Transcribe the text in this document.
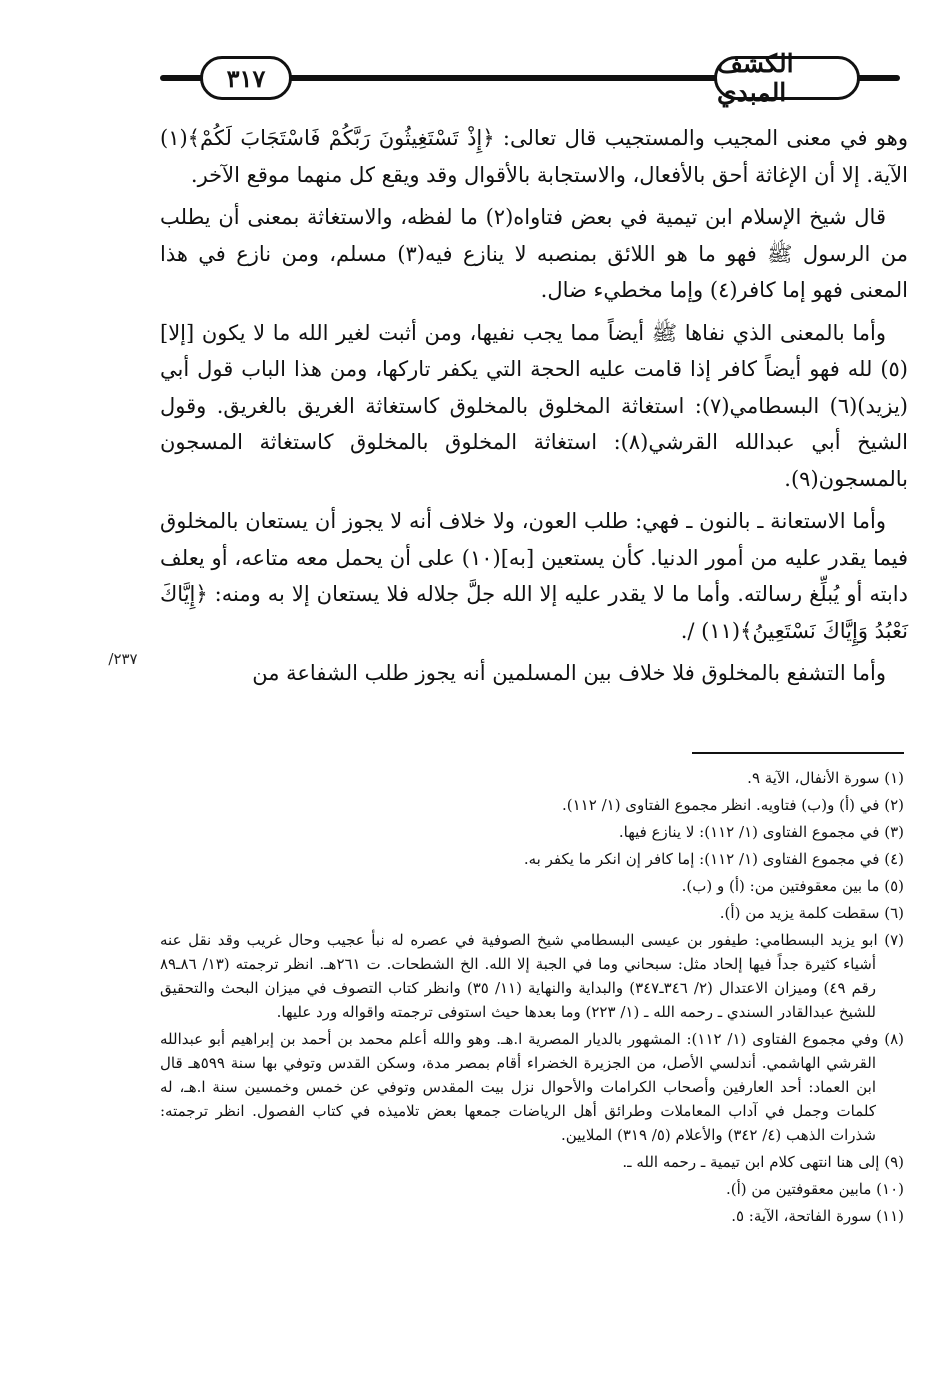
الكشف المبدي
٣١٧

وهو في معنى المجيب والمستجيب قال تعالى: ﴿إِذْ تَسْتَغِيثُونَ رَبَّكُمْ فَاسْتَجَابَ لَكُمْ﴾(١) الآية. إلا أن الإغاثة أحق بالأفعال، والاستجابة بالأقوال وقد ويقع كل منهما موقع الآخر.

قال شيخ الإسلام ابن تيمية في بعض فتاواه(٢) ما لفظه، والاستغاثة بمعنى أن يطلب من الرسول ﷺ فهو ما هو اللائق بمنصبه لا ينازع فيه(٣) مسلم، ومن نازع في هذا المعنى فهو إما كافر(٤) وإما مخطيء ضال.

وأما بالمعنى الذي نفاها ﷺ أيضاً مما يجب نفيها، ومن أثبت لغير الله ما لا يكون [إلا](٥) لله فهو أيضاً كافر إذا قامت عليه الحجة التي يكفر تاركها، ومن هذا الباب قول أبي (يزيد)(٦) البسطامي(٧): استغاثة المخلوق بالمخلوق كاستغاثة الغريق بالغريق. وقول الشيخ أبي عبدالله القرشي(٨): استغاثة المخلوق بالمخلوق كاستغاثة المسجون بالمسجون(٩).

وأما الاستعانة ـ بالنون ـ فهي: طلب العون، ولا خلاف أنه لا يجوز أن يستعان بالمخلوق فيما يقدر عليه من أمور الدنيا. كأن يستعين [به](١٠) على أن يحمل معه متاعه، أو يعلف دابته أو يُبلِّغ رسالته. وأما ما لا يقدر عليه إلا الله جلَّ جلاله فلا يستعان إلا به ومنه: ﴿إِيَّاكَ نَعْبُدُ وَإِيَّاكَ نَسْتَعِينُ﴾(١١) /.

وأما التشفع بالمخلوق فلا خلاف بين المسلمين أنه يجوز طلب الشفاعة من

٢٣٧/

(١) سورة الأنفال، الآية ٩.

(٢) في (أ) و(ب) فتاويه. انظر مجموع الفتاوى (١/ ١١٢).

(٣) في مجموع الفتاوى (١/ ١١٢): لا ينازع فيها.

(٤) في مجموع الفتاوى (١/ ١١٢): إما كافر إن انكر ما يكفر به.

(٥) ما بين معقوفتين من: (أ) و (ب).

(٦) سقطت كلمة يزيد من (أ).

(٧) ابو يزيد البسطامي: طيفور بن عيسى البسطامي شيخ الصوفية في عصره له نبأ عجيب وحال غريب وقد نقل عنه أشياء كثيرة جداً فيها إلحاد مثل: سبحاني وما في الجبة إلا الله. الخ الشطحات. ت ٢٦١هـ. انظر ترجمته (١٣/ ٨٦ـ٨٩ رقم ٤٩) وميزان الاعتدال (٢/ ٣٤٦ـ٣٤٧) والبداية والنهاية (١١/ ٣٥) وانظر كتاب التصوف في ميزان البحث والتحقيق للشيخ عبدالقادر السندي ـ رحمه الله ـ (١/ ٢٢٣) وما بعدها حيث استوفى ترجمته واقواله ورد عليها.

(٨) وفي مجموع الفتاوى (١/ ١١٢): المشهور بالديار المصرية ا.هـ. وهو والله أعلم محمد بن أحمد بن إبراهيم أبو عبدالله القرشي الهاشمي. أندلسي الأصل، من الجزيرة الخضراء أقام بمصر مدة، وسكن القدس وتوفي بها سنة ٥٩٩هـ قال ابن العماد: أحد العارفين وأصحاب الكرامات والأحوال نزل بيت المقدس وتوفي عن خمس وخمسين سنة ا.هـ، له كلمات وجمل في آداب المعاملات وطرائق أهل الرياضات جمعها بعض تلاميذه في كتاب الفصول. انظر ترجمته: شذرات الذهب (٤/ ٣٤٢) والأعلام (٥/ ٣١٩) الملايين.

(٩) إلى هنا انتهى كلام ابن تيمية ـ رحمه الله ـ.

(١٠) مابين معقوفتين من (أ).

(١١) سورة الفاتحة، الآية: ٥.
